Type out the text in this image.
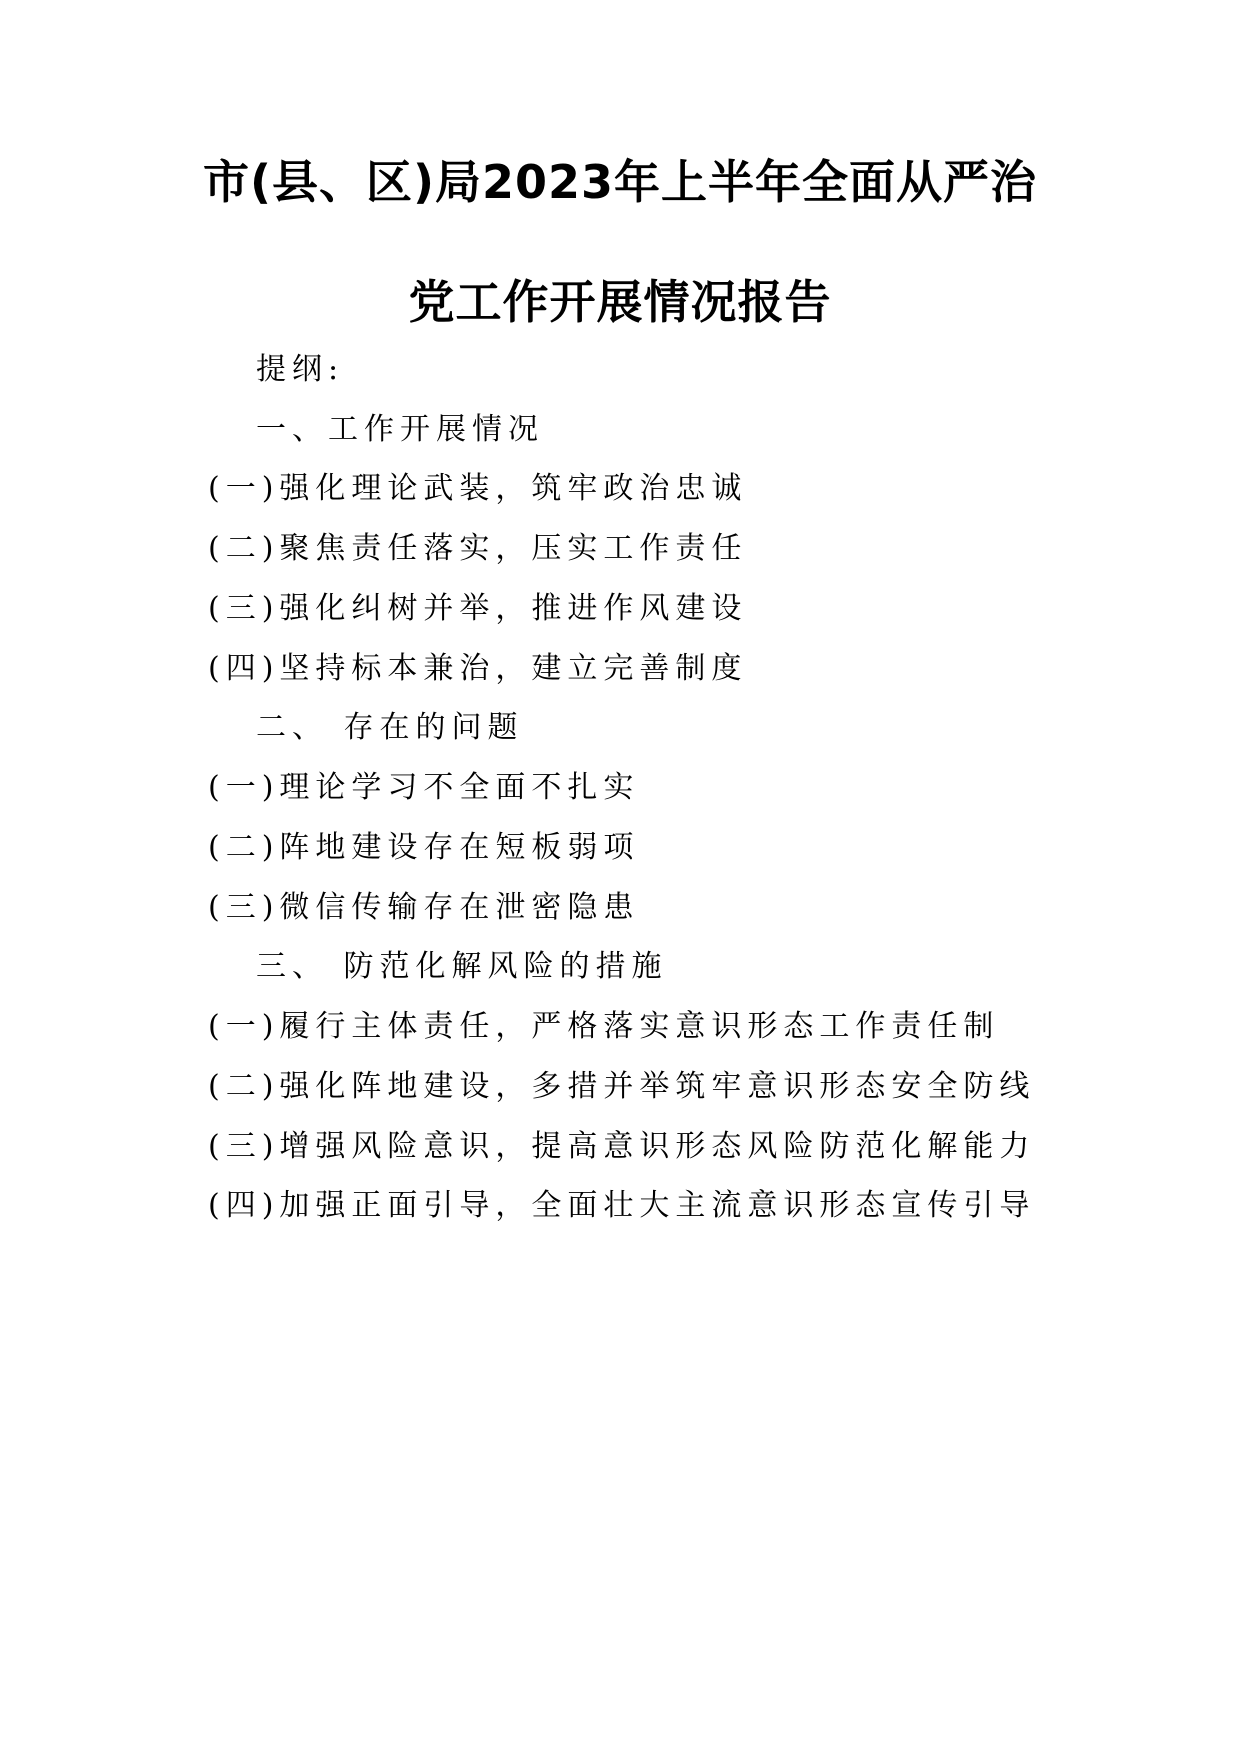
市(县、区)局2023年上半年全面从严治
党工作开展情况报告
提纲:
一、工作开展情况
(一)强化理论武装，筑牢政治忠诚
(二)聚焦责任落实，压实工作责任
(三)强化纠树并举，推进作风建设
(四)坚持标本兼治，建立完善制度
二、 存在的问题
(一)理论学习不全面不扎实
(二)阵地建设存在短板弱项
(三)微信传输存在泄密隐患
三、 防范化解风险的措施
(一)履行主体责任，严格落实意识形态工作责任制
(二)强化阵地建设，多措并举筑牢意识形态安全防线
(三)增强风险意识，提高意识形态风险防范化解能力
(四)加强正面引导，全面壮大主流意识形态宣传引导
